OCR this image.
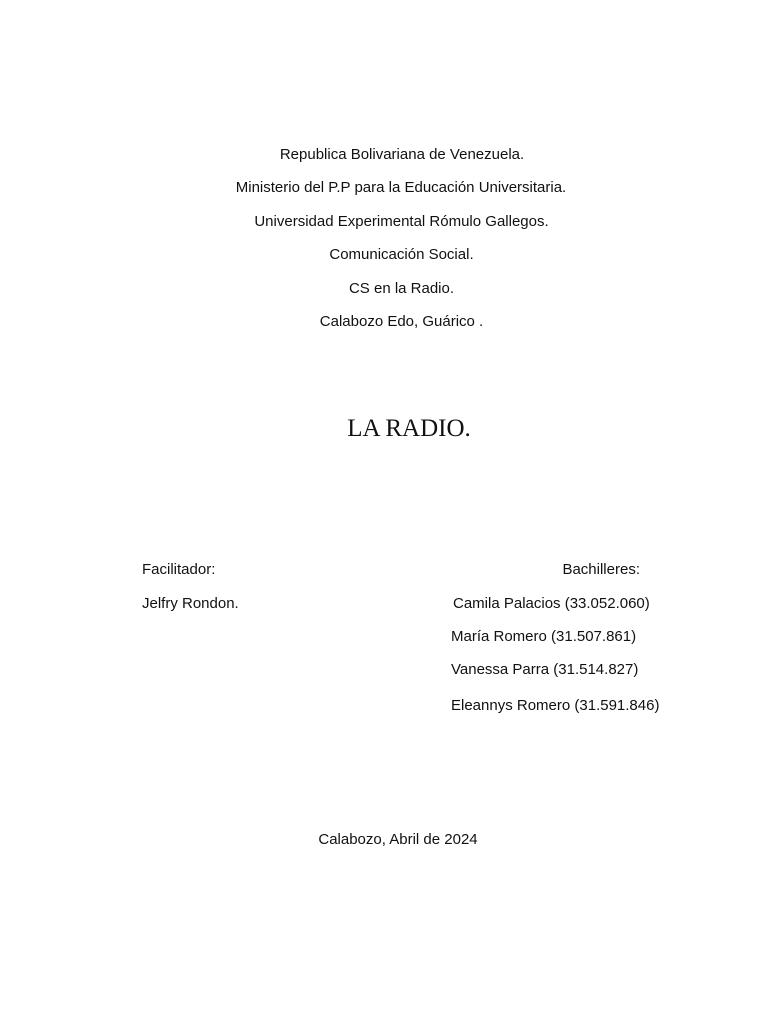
Republica Bolivariana de Venezuela.
Ministerio del P.P para la Educación Universitaria.
Universidad Experimental Rómulo Gallegos.
Comunicación Social.
CS en la Radio.
Calabozo Edo, Guárico .
LA RADIO.
Facilitador:
Jelfry Rondon.
Bachilleres:
Camila Palacios (33.052.060)
María Romero (31.507.861)
Vanessa Parra (31.514.827)
Eleannys Romero (31.591.846)
Calabozo, Abril de 2024
